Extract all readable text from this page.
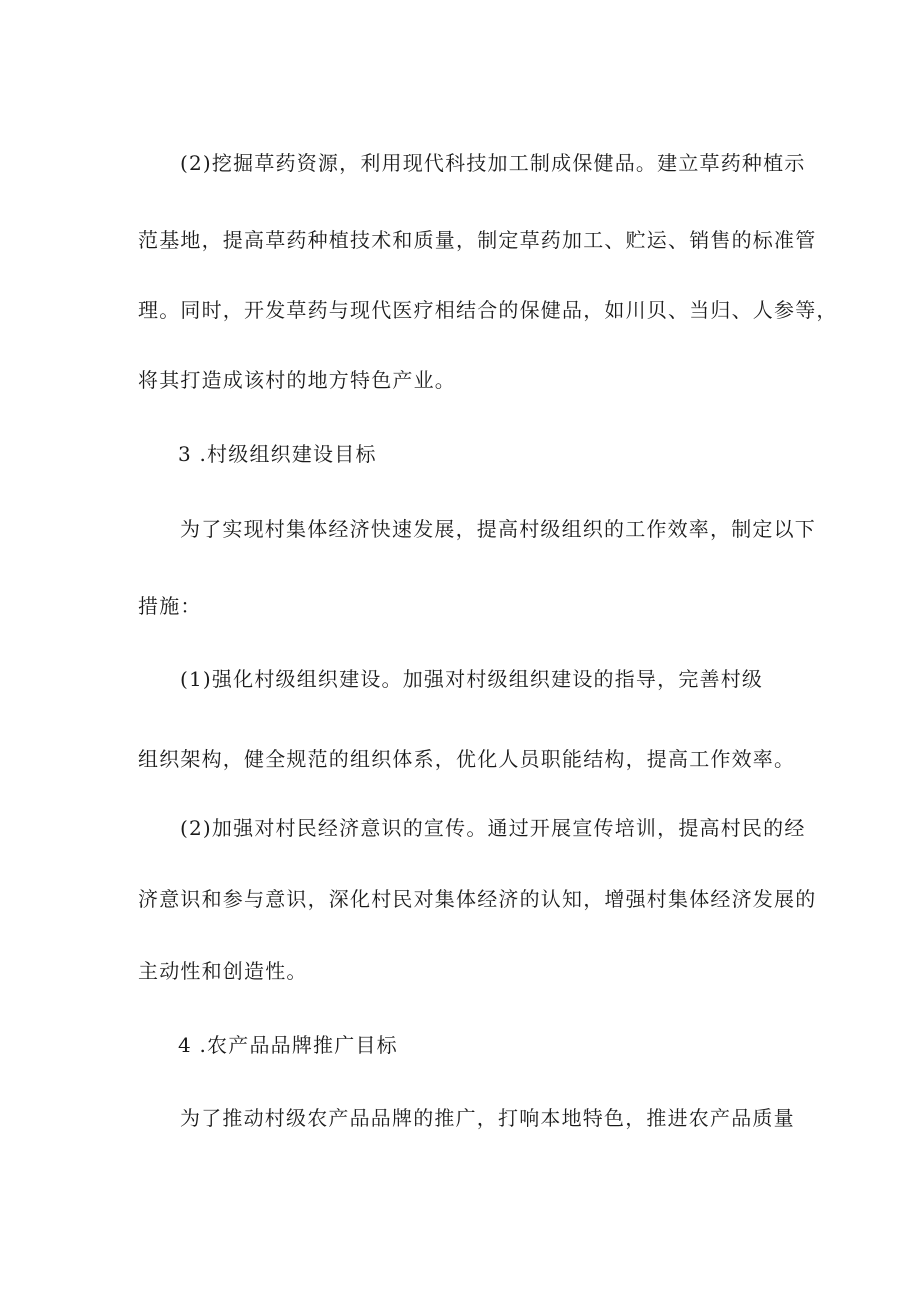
(2)挖掘草药资源，利用现代科技加工制成保健品。建立草药种植示

范基地，提高草药种植技术和质量，制定草药加工、贮运、销售的标准管

理。同时，开发草药与现代医疗相结合的保健品，如川贝、当归、人参等，

将其打造成该村的地方特色产业。

3 .村级组织建设目标

为了实现村集体经济快速发展，提高村级组织的工作效率，制定以下

措施：

(1)强化村级组织建设。加强对村级组织建设的指导，完善村级

组织架构，健全规范的组织体系，优化人员职能结构，提高工作效率。

(2)加强对村民经济意识的宣传。通过开展宣传培训，提高村民的经

济意识和参与意识，深化村民对集体经济的认知，增强村集体经济发展的

主动性和创造性。

4 .农产品品牌推广目标

为了推动村级农产品品牌的推广，打响本地特色，推进农产品质量
